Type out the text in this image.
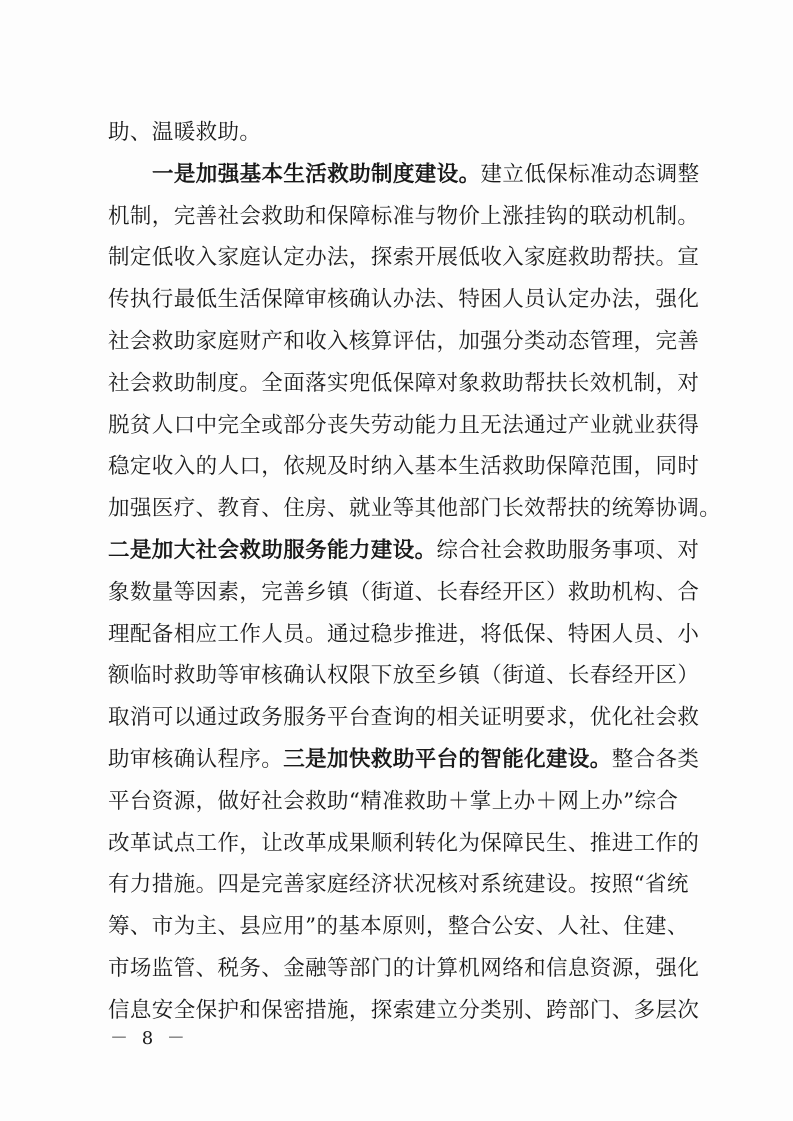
助、温暖救助。
一是加强基本生活救助制度建设。建立低保标准动态调整
机制，完善社会救助和保障标准与物价上涨挂钩的联动机制。
制定低收入家庭认定办法，探索开展低收入家庭救助帮扶。宣
传执行最低生活保障审核确认办法、特困人员认定办法，强化
社会救助家庭财产和收入核算评估，加强分类动态管理，完善
社会救助制度。全面落实兜低保障对象救助帮扶长效机制，对
脱贫人口中完全或部分丧失劳动能力且无法通过产业就业获得
稳定收入的人口，依规及时纳入基本生活救助保障范围，同时
加强医疗、教育、住房、就业等其他部门长效帮扶的统筹协调。
二是加大社会救助服务能力建设。综合社会救助服务事项、对
象数量等因素，完善乡镇（街道、长春经开区）救助机构、合
理配备相应工作人员。通过稳步推进，将低保、特困人员、小
额临时救助等审核确认权限下放至乡镇（街道、长春经开区）
取消可以通过政务服务平台查询的相关证明要求，优化社会救
助审核确认程序。三是加快救助平台的智能化建设。整合各类
平台资源，做好社会救助“精准救助＋掌上办＋网上办”综合
改革试点工作，让改革成果顺利转化为保障民生、推进工作的
有力措施。四是完善家庭经济状况核对系统建设。按照“省统
筹、市为主、县应用”的基本原则，整合公安、人社、住建、
市场监管、税务、金融等部门的计算机网络和信息资源，强化
信息安全保护和保密措施，探索建立分类别、跨部门、多层次
－ 8 －
